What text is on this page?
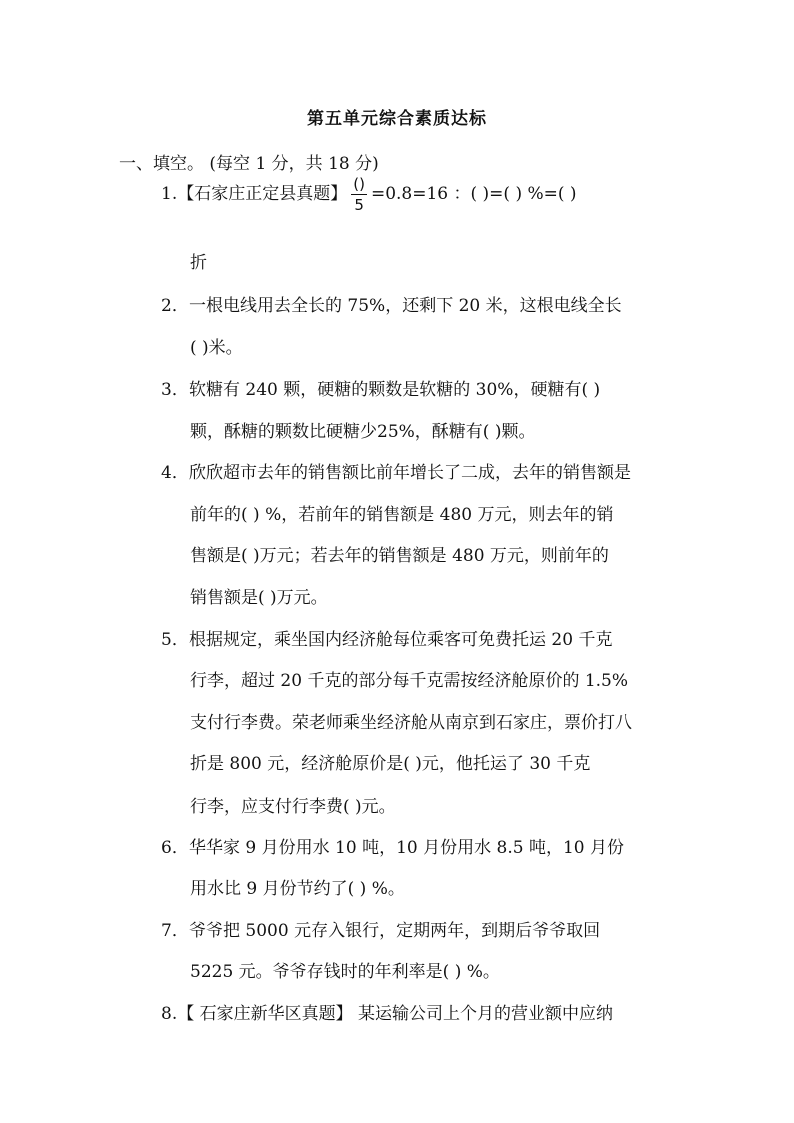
第五单元综合素质达标
一、填空。 (每空 1 分，共 18 分)
1.【石家庄正定县真题】 $\frac{()}{5} =0.8=16$ ：( )=( ) %=( )
折
2．一根电线用去全长的 75%，还剩下 20 米，这根电线全长
( )米。
3．软糖有 240 颗，硬糖的颗数是软糖的 30%，硬糖有( )
颗，酥糖的颗数比硬糖少25%，酥糖有( )颗。
4．欣欣超市去年的销售额比前年增长了二成，去年的销售额是
前年的( ) %，若前年的销售额是 480 万元，则去年的销
售额是( )万元；若去年的销售额是 480 万元，则前年的
销售额是( )万元。
5．根据规定，乘坐国内经济舱每位乘客可免费托运 20 千克
行李，超过 20 千克的部分每千克需按经济舱原价的 1.5%
支付行李费。荣老师乘坐经济舱从南京到石家庄，票价打八
折是 800 元，经济舱原价是( )元，他托运了 30 千克
行李，应支付行李费( )元。
6．华华家 9 月份用水 10 吨，10 月份用水 8.5 吨，10 月份
用水比 9 月份节约了( ) %。
7．爷爷把 5000 元存入银行，定期两年，到期后爷爷取回
5225 元。爷爷存钱时的年利率是( ) %。
8.【 石家庄新华区真题】 某运输公司上个月的营业额中应纳
